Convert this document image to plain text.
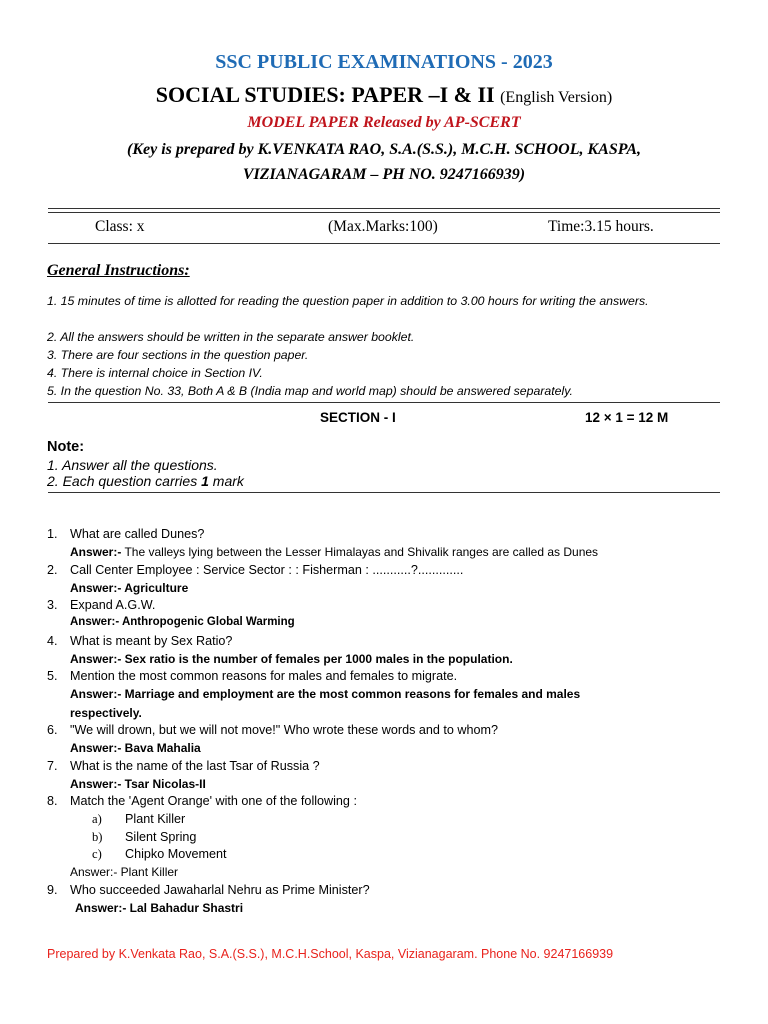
SSC PUBLIC EXAMINATIONS - 2023
SOCIAL STUDIES: PAPER –I & II (English Version)
MODEL PAPER Released by AP-SCERT
(Key is prepared by K.VENKATA RAO, S.A.(S.S.), M.C.H. SCHOOL, KASPA,
VIZIANAGARAM – PH NO. 9247166939)
Class: x	(Max.Marks:100)	Time:3.15 hours.
General Instructions:
1. 15 minutes of time is allotted for reading the question paper in addition to 3.00 hours for writing the answers.
2. All the answers should be written in the separate answer booklet.
3. There are four sections in the question paper.
4. There is internal choice in Section IV.
5. In the question No. 33, Both A & B (India map and world map) should be answered separately.
SECTION - I	12 × 1 = 12 M
Note:
1. Answer all the questions.
2. Each question carries 1 mark
1. What are called Dunes?
Answer:- The valleys lying between the Lesser Himalayas and Shivalik ranges are called as Dunes
2. Call Center Employee : Service Sector : : Fisherman : ...........?.............
Answer:- Agriculture
3. Expand A.G.W.
Answer:- Anthropogenic Global Warming
4. What is meant by Sex Ratio?
Answer:- Sex ratio is the number of females per 1000 males in the population.
5. Mention the most common reasons for males and females to migrate.
Answer:- Marriage and employment are the most common reasons for females and males
respectively.
6. "We will drown, but we will not move!" Who wrote these words and to whom?
Answer:- Bava Mahalia
7. What is the name of the last Tsar of Russia ?
Answer:- Tsar Nicolas-II
8. Match the 'Agent Orange' with one of the following :
a) Plant Killer
b) Silent Spring
c) Chipko Movement
Answer:- Plant Killer
9. Who succeeded Jawaharlal Nehru as Prime Minister?
Answer:- Lal Bahadur Shastri
Prepared by K.Venkata Rao, S.A.(S.S.), M.C.H.School, Kaspa, Vizianagaram. Phone No. 9247166939
